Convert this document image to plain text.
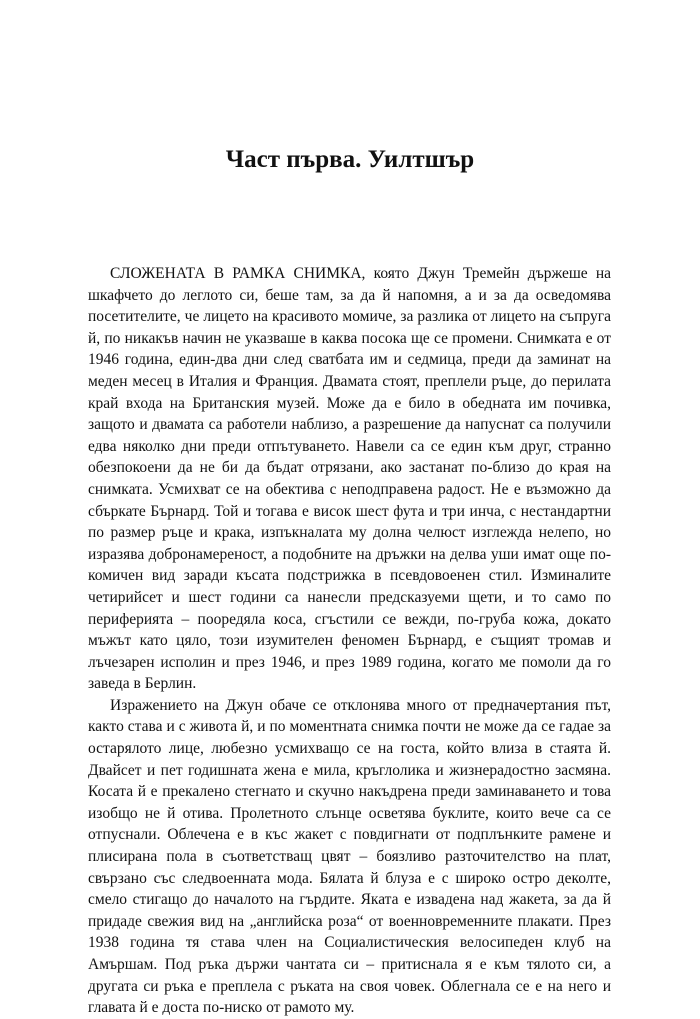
Част първа. Уилтшър

СЛОЖЕНАТА В РАМКА СНИМКА, която Джун Тремейн държеше на шкафчето до леглото си, беше там, за да й напомня, а и за да осведомява посетителите, че лицето на красивото момиче, за разлика от лицето на съпруга й, по никакъв начин не указваше в каква посока ще се промени. Снимката е от 1946 година, един-два дни след сватбата им и седмица, преди да заминат на меден месец в Италия и Франция. Двамата стоят, преплели ръце, до перилата край входа на Британския музей. Може да е било в обедната им почивка, защото и двамата са работели наблизо, а разрешение да напуснат са получили едва няколко дни преди отпътуването. Навели са се един към друг, странно обезпокоени да не би да бъдат отрязани, ако застанат по-близо до края на снимката. Усмихват се на обектива с неподправена радост. Не е възможно да сбъркате Бърнард. Той и тогава е висок шест фута и три инча, с нестандартни по размер ръце и крака, изпъкналата му долна челюст изглежда нелепо, но изразява добронамереност, а подобните на дръжки на делва уши имат още по-комичен вид заради късата подстрижка в псевдовоенен стил. Изминалите четирийсет и шест години са нанесли предсказуеми щети, и то само по периферията – пооредяла коса, сгъстили се вежди, по-груба кожа, докато мъжът като цяло, този изумителен феномен Бърнард, е същият тромав и лъчезарен исполин и през 1946, и през 1989 година, когато ме помоли да го заведа в Берлин.

Изражението на Джун обаче се отклонява много от предначертания път, както става и с живота й, и по моментната снимка почти не може да се гадае за остарялото лице, любезно усмихващо се на госта, който влиза в стаята й. Двайсет и пет годишната жена е мила, кръглолика и жизнерадостно засмяна. Косата й е прекалено стегнато и скучно накъдрена преди заминаването и това изобщо не й отива. Пролетното слънце осветява буклите, които вече са се отпуснали. Облечена е в къс жакет с повдигнати от подплънките рамене и плисирана пола в съответстващ цвят – боязливо разточителство на плат, свързано със следвоенната мода. Бялата й блуза е с широко остро деколте, смело стигащо до началото на гърдите. Яката е извадена над жакета, за да й придаде свежия вид на „английска роза“ от военновременните плакати. През 1938 година тя става член на Социалистическия велосипеден клуб на Амършам. Под ръка държи чантата си – притиснала я е към тялото си, а другата си ръка е преплела с ръката на своя човек. Облегнала се е на него и главата й е доста по-ниско от рамото му.
